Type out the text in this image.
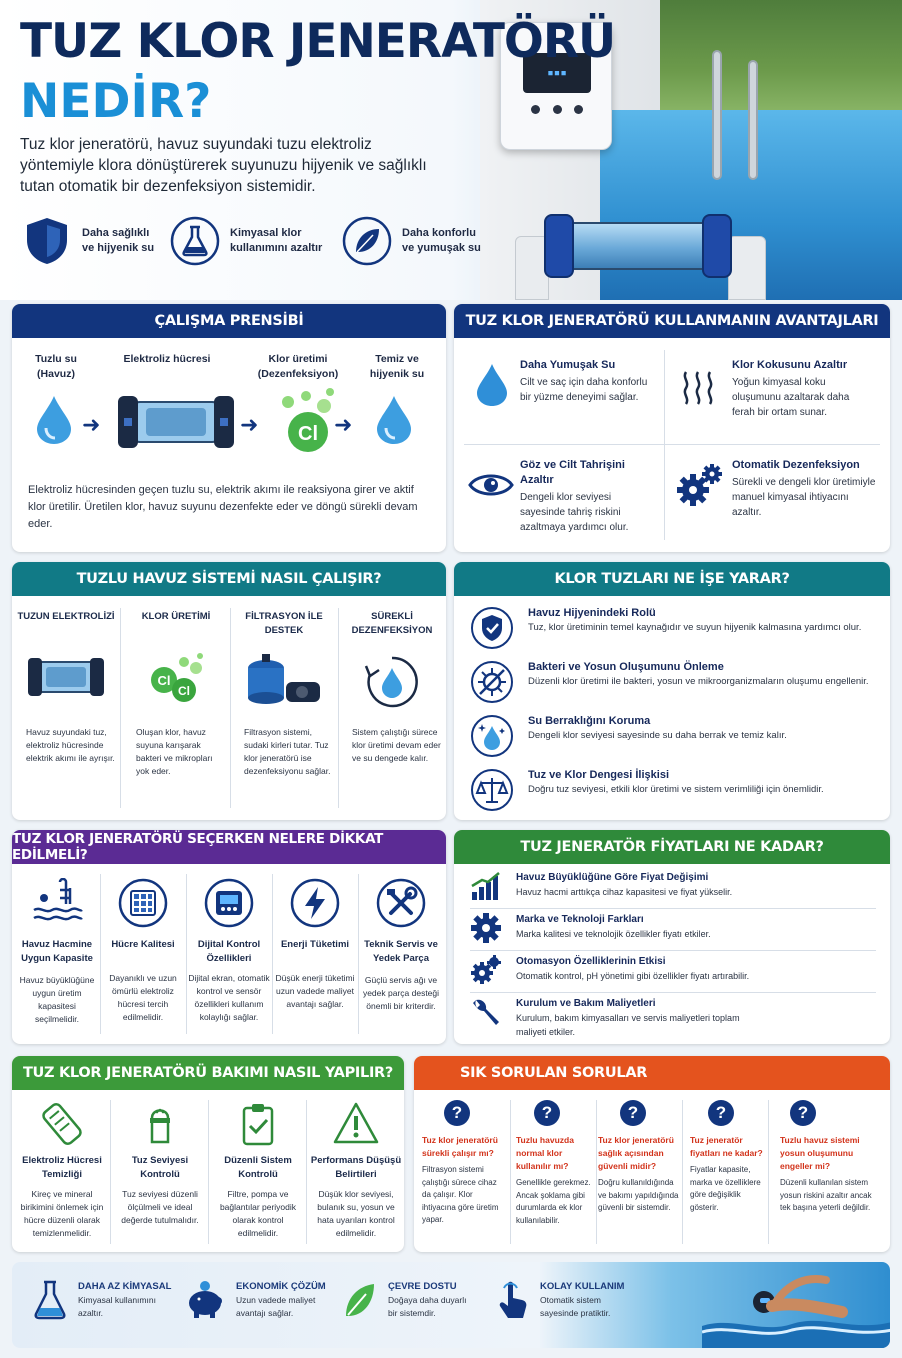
▪▪▪
TUZ KLOR JENERATÖRÜ
NEDİR?
Tuz klor jeneratörü, havuz suyundaki tuzu elektroliz yöntemiyle klora dönüştürerek suyunuzu hijyenik ve sağlıklı tutan otomatik bir dezenfeksiyon sistemidir.
Daha sağlıklı ve hijyenik su
Kimyasal klor kullanımını azaltır
Daha konforlu ve yumuşak su
ÇALIŞMA PRENSİBİ
Tuzlu su (Havuz)
Elektroliz hücresi	Klor üretimi (Dezenfeksiyon)
Temiz ve hijyenik su
➜	➜ Cl ➜
Elektroliz hücresinden geçen tuzlu su, elektrik akımı ile reaksiyona girer ve aktif klor üretilir. Üretilen klor, havuz suyunu dezenfekte eder ve döngü sürekli devam eder.
TUZ KLOR JENERATÖRÜ KULLANMANIN AVANTAJLARI
Daha Yumuşak Su
Cilt ve saç için daha konforlu bir yüzme deneyimi sağlar.
Klor Kokusunu Azaltır
Yoğun kimyasal koku oluşumunu azaltarak daha ferah bir ortam sunar.
Göz ve Cilt Tahrişini Azaltır
Dengeli klor seviyesi sayesinde tahriş riskini azaltmaya yardımcı olur.
Otomatik Dezenfeksiyon
Sürekli ve dengeli klor üretimiyle manuel kimyasal ihtiyacını azaltır.
TUZLU HAVUZ SİSTEMİ NASIL ÇALIŞIR?
TUZUN ELEKTROLİZİ
Havuz suyundaki tuz, elektroliz hücresinde elektrik akımı ile ayrışır.
KLOR ÜRETİMİ
Cl
Cl
Oluşan klor, havuz suyuna karışarak bakteri ve mikropları yok eder.
FİLTRASYON İLE DESTEK
Filtrasyon sistemi, sudaki kirleri tutar. Tuz klor jeneratörü ise dezenfeksiyonu sağlar.
SÜREKLİ DEZENFEKSİYON
Sistem çalıştığı sürece klor üretimi devam eder ve su dengede kalır.
KLOR TUZLARI NE İŞE YARAR?
Havuz Hijyenindeki Rolü
Tuz, klor üretiminin temel kaynağıdır ve suyun hijyenik kalmasına yardımcı olur.
Bakteri ve Yosun Oluşumunu Önleme
Düzenli klor üretimi ile bakteri, yosun ve mikroorganizmaların oluşumu engellenir.
Su Berraklığını Koruma
Dengeli klor seviyesi sayesinde su daha berrak ve temiz kalır.
Tuz ve Klor Dengesi İlişkisi
Doğru tuz seviyesi, etkili klor üretimi ve sistem verimliliği için önemlidir.
TUZ KLOR JENERATÖRÜ SEÇERKEN NELERE DİKKAT EDİLMELİ?
Havuz Hacmine Uygun Kapasite
Havuz büyüklüğüne uygun üretim kapasitesi seçilmelidir.
Hücre Kalitesi
Dayanıklı ve uzun ömürlü elektroliz hücresi tercih edilmelidir.
Dijital Kontrol Özellikleri
Dijital ekran, otomatik kontrol ve sensör özellikleri kullanım kolaylığı sağlar.
Enerji Tüketimi
Düşük enerji tüketimi uzun vadede maliyet avantajı sağlar.
Teknik Servis ve Yedek Parça
Güçlü servis ağı ve yedek parça desteği önemli bir kriterdir.
TUZ JENERATÖR FİYATLARI NE KADAR?
Havuz Büyüklüğüne Göre Fiyat Değişimi
Havuz hacmi arttıkça cihaz kapasitesi ve fiyat yükselir.
Marka ve Teknoloji Farkları
Marka kalitesi ve teknolojik özellikler fiyatı etkiler.
Otomasyon Özelliklerinin Etkisi
Otomatik kontrol, pH yönetimi gibi özellikler fiyatı artırabilir.
Kurulum ve Bakım Maliyetleri
Kurulum, bakım kimyasalları ve servis maliyetleri toplam maliyeti etkiler.
TUZ KLOR JENERATÖRÜ BAKIMI NASIL YAPILIR?
Elektroliz Hücresi Temizliği
Kireç ve mineral birikimini önlemek için hücre düzenli olarak temizlenmelidir.
Tuz Seviyesi Kontrolü
Tuz seviyesi düzenli ölçülmeli ve ideal değerde tutulmalıdır.
Düzenli Sistem Kontrolü
Filtre, pompa ve bağlantılar periyodik olarak kontrol edilmelidir.
Performans Düşüşü Belirtileri
Düşük klor seviyesi, bulanık su, yosun ve hata uyarıları kontrol edilmelidir.
SIK SORULAN SORULAR
?
Tuz klor jeneratörü sürekli çalışır mı?
Filtrasyon sistemi çalıştığı sürece cihaz da çalışır. Klor ihtiyacına göre üretim yapar.
?
Tuzlu havuzda normal klor kullanılır mı?
Genellikle gerekmez. Ancak şoklama gibi durumlarda ek klor kullanılabilir.
?
Tuz klor jeneratörü sağlık açısından güvenli midir?
Doğru kullanıldığında ve bakımı yapıldığında güvenli bir sistemdir.
?
Tuz jeneratör fiyatları ne kadar?
Fiyatlar kapasite, marka ve özelliklere göre değişiklik gösterir.
?
Tuzlu havuz sistemi yosun oluşumunu engeller mi?
Düzenli kullanılan sistem yosun riskini azaltır ancak tek başına yeterli değildir.
DAHA AZ KİMYASAL
Kimyasal kullanımını azaltır.
EKONOMİK ÇÖZÜM
Uzun vadede maliyet avantajı sağlar.
ÇEVRE DOSTU
Doğaya daha duyarlı bir sistemdir.
KOLAY KULLANIM
Otomatik sistem sayesinde pratiktir.
